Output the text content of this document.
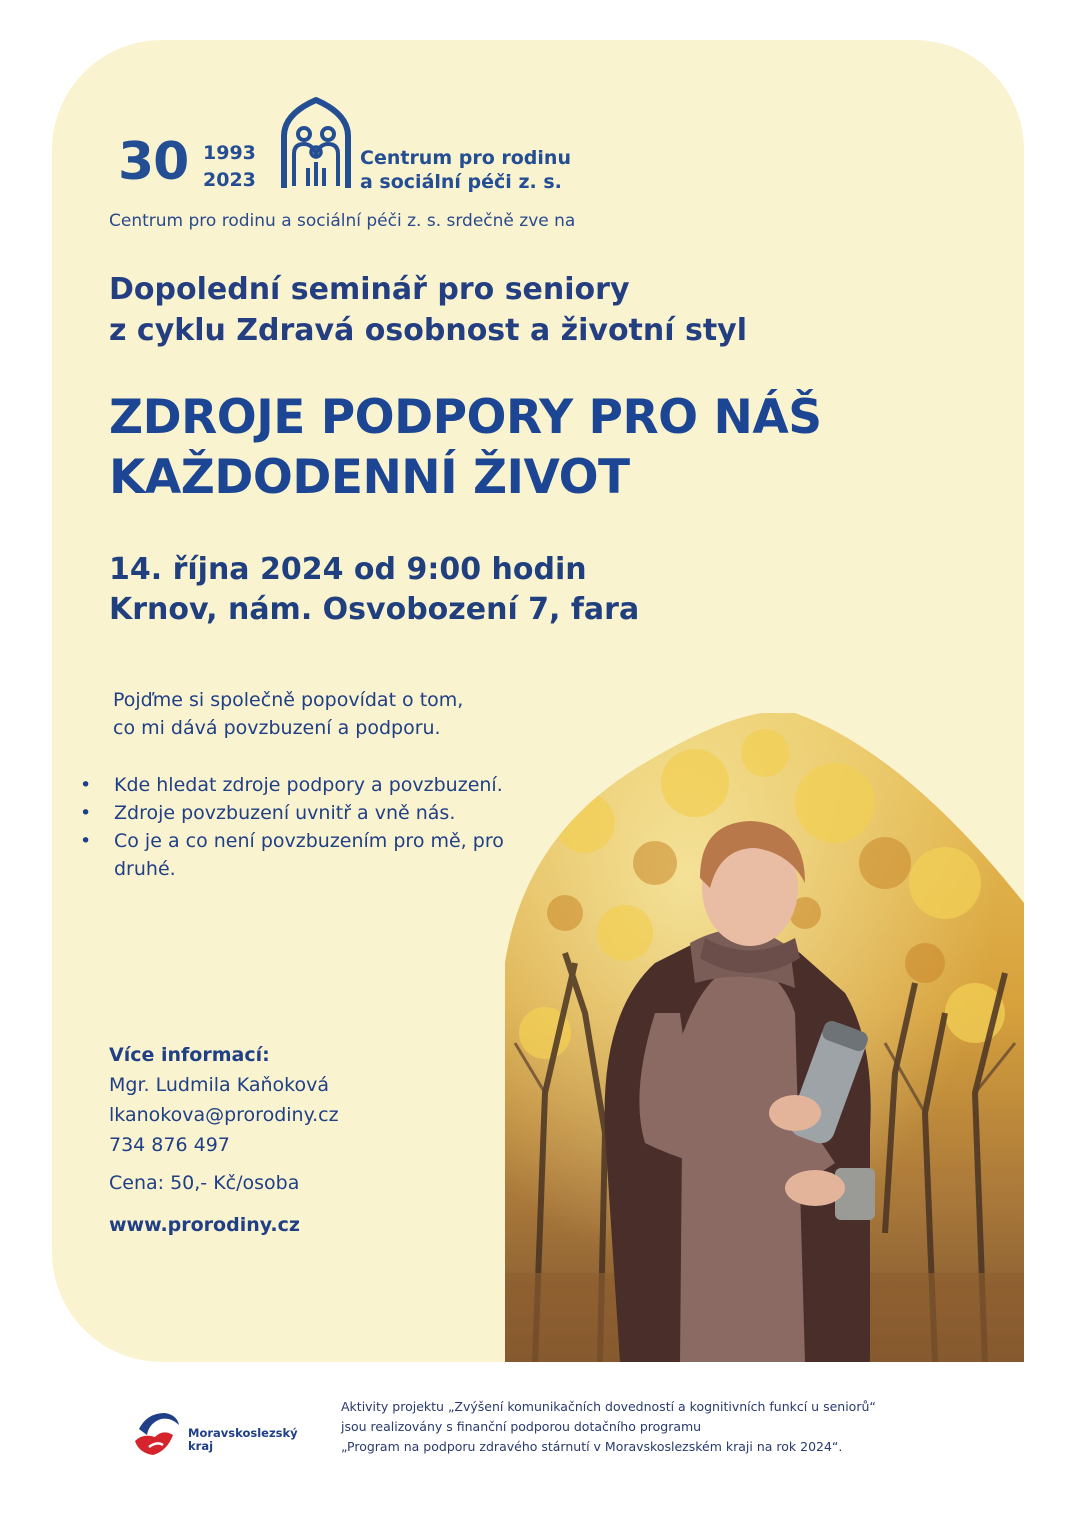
30 1993
2023
Centrum pro rodinu
a sociální péči z. s.
Centrum pro rodinu a sociální péči z. s. srdečně zve na
Dopolední seminář pro seniory
z cyklu Zdravá osobnost a životní styl
ZDROJE PODPORY PRO NÁŠ
KAŽDODENNÍ ŽIVOT
14. října 2024 od 9:00 hodin
Krnov, nám. Osvobození 7, fara
Pojďme si společně popovídat o tom,
co mi dává povzbuzení a podporu.
• Kde hledat zdroje podpory a povzbuzení.
• Zdroje povzbuzení uvnitř a vně nás.
• Co je a co není povzbuzením pro mě, pro druhé.
Více informací:
Mgr. Ludmila Kaňoková
lkanokova@prorodiny.cz
734 876 497
Cena: 50,- Kč/osoba
www.prorodiny.cz
Moravskoslezský
kraj
Aktivity projektu „Zvýšení komunikačních dovedností a kognitivních funkcí u seniorů“
jsou realizovány s finanční podporou dotačního programu
„Program na podporu zdravého stárnutí v Moravskoslezském kraji na rok 2024“.
